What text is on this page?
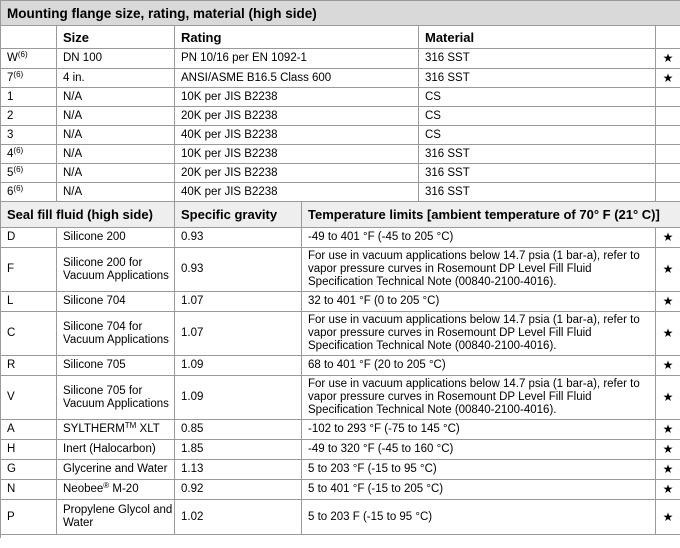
Mounting flange size, rating, material (high side)					
	Size	Rating		Material	
$W^{(6)}$	DN 100	PN 10/16 per EN 1092-1		316 SST	★
7$^{(6)}$	4 in.	ANSI/ASME B16.5 Class 600		316 SST	★
1	N/A	10K per JIS B2238		CS	
2	N/A	20K per JIS B2238		CS	
3	N/A	40K per JIS B2238		CS	
4$^{(6)}$	N/A	10K per JIS B2238		316 SST	
5$^{(6)}$	N/A	20K per JIS B2238		316 SST	
6$^{(6)}$	N/A	40K per JIS B2238		316 SST	
Seal fill fluid (high side)		Specific gravity	Temperature limits [ambient temperature of 70° F (21° C)]		
D	Silicone 200	0.93	-49 to 401 °F (-45 to 205 °C)		★
F	Silicone 200 for Vacuum Applications	0.93	For use in vacuum applications below 14.7 psia (1 bar-a), refer to vapor pressure curves in Rosemount DP Level Fill Fluid Specification Technical Note (00840-2100-4016).		★
L	Silicone 704	1.07	32 to 401 °F (0 to 205 °C)		★
C	Silicone 704 for Vacuum Applications	1.07	For use in vacuum applications below 14.7 psia (1 bar-a), refer to vapor pressure curves in Rosemount DP Level Fill Fluid Specification Technical Note (00840-2100-4016).		★
R	Silicone 705	1.09	68 to 401 °F (20 to 205 °C)		★
V	Silicone 705 for Vacuum Applications	1.09	For use in vacuum applications below 14.7 psia (1 bar-a), refer to vapor pressure curves in Rosemount DP Level Fill Fluid Specification Technical Note (00840-2100-4016).		★
A	SYLTHERM™ XLT	0.85	-102 to 293 °F (-75 to 145 °C)		★
H	Inert (Halocarbon)	1.85	-49 to 320 °F (-45 to 160 °C)		★
G	Glycerine and Water	1.13	5 to 203 °F (-15 to 95 °C)		★
N	Neobee® M-20	0.92	5 to 401 °F (-15 to 205 °C)		★
P	Propylene Glycol and Water	1.02	5 to 203 F (-15 to 95 °C)		★
